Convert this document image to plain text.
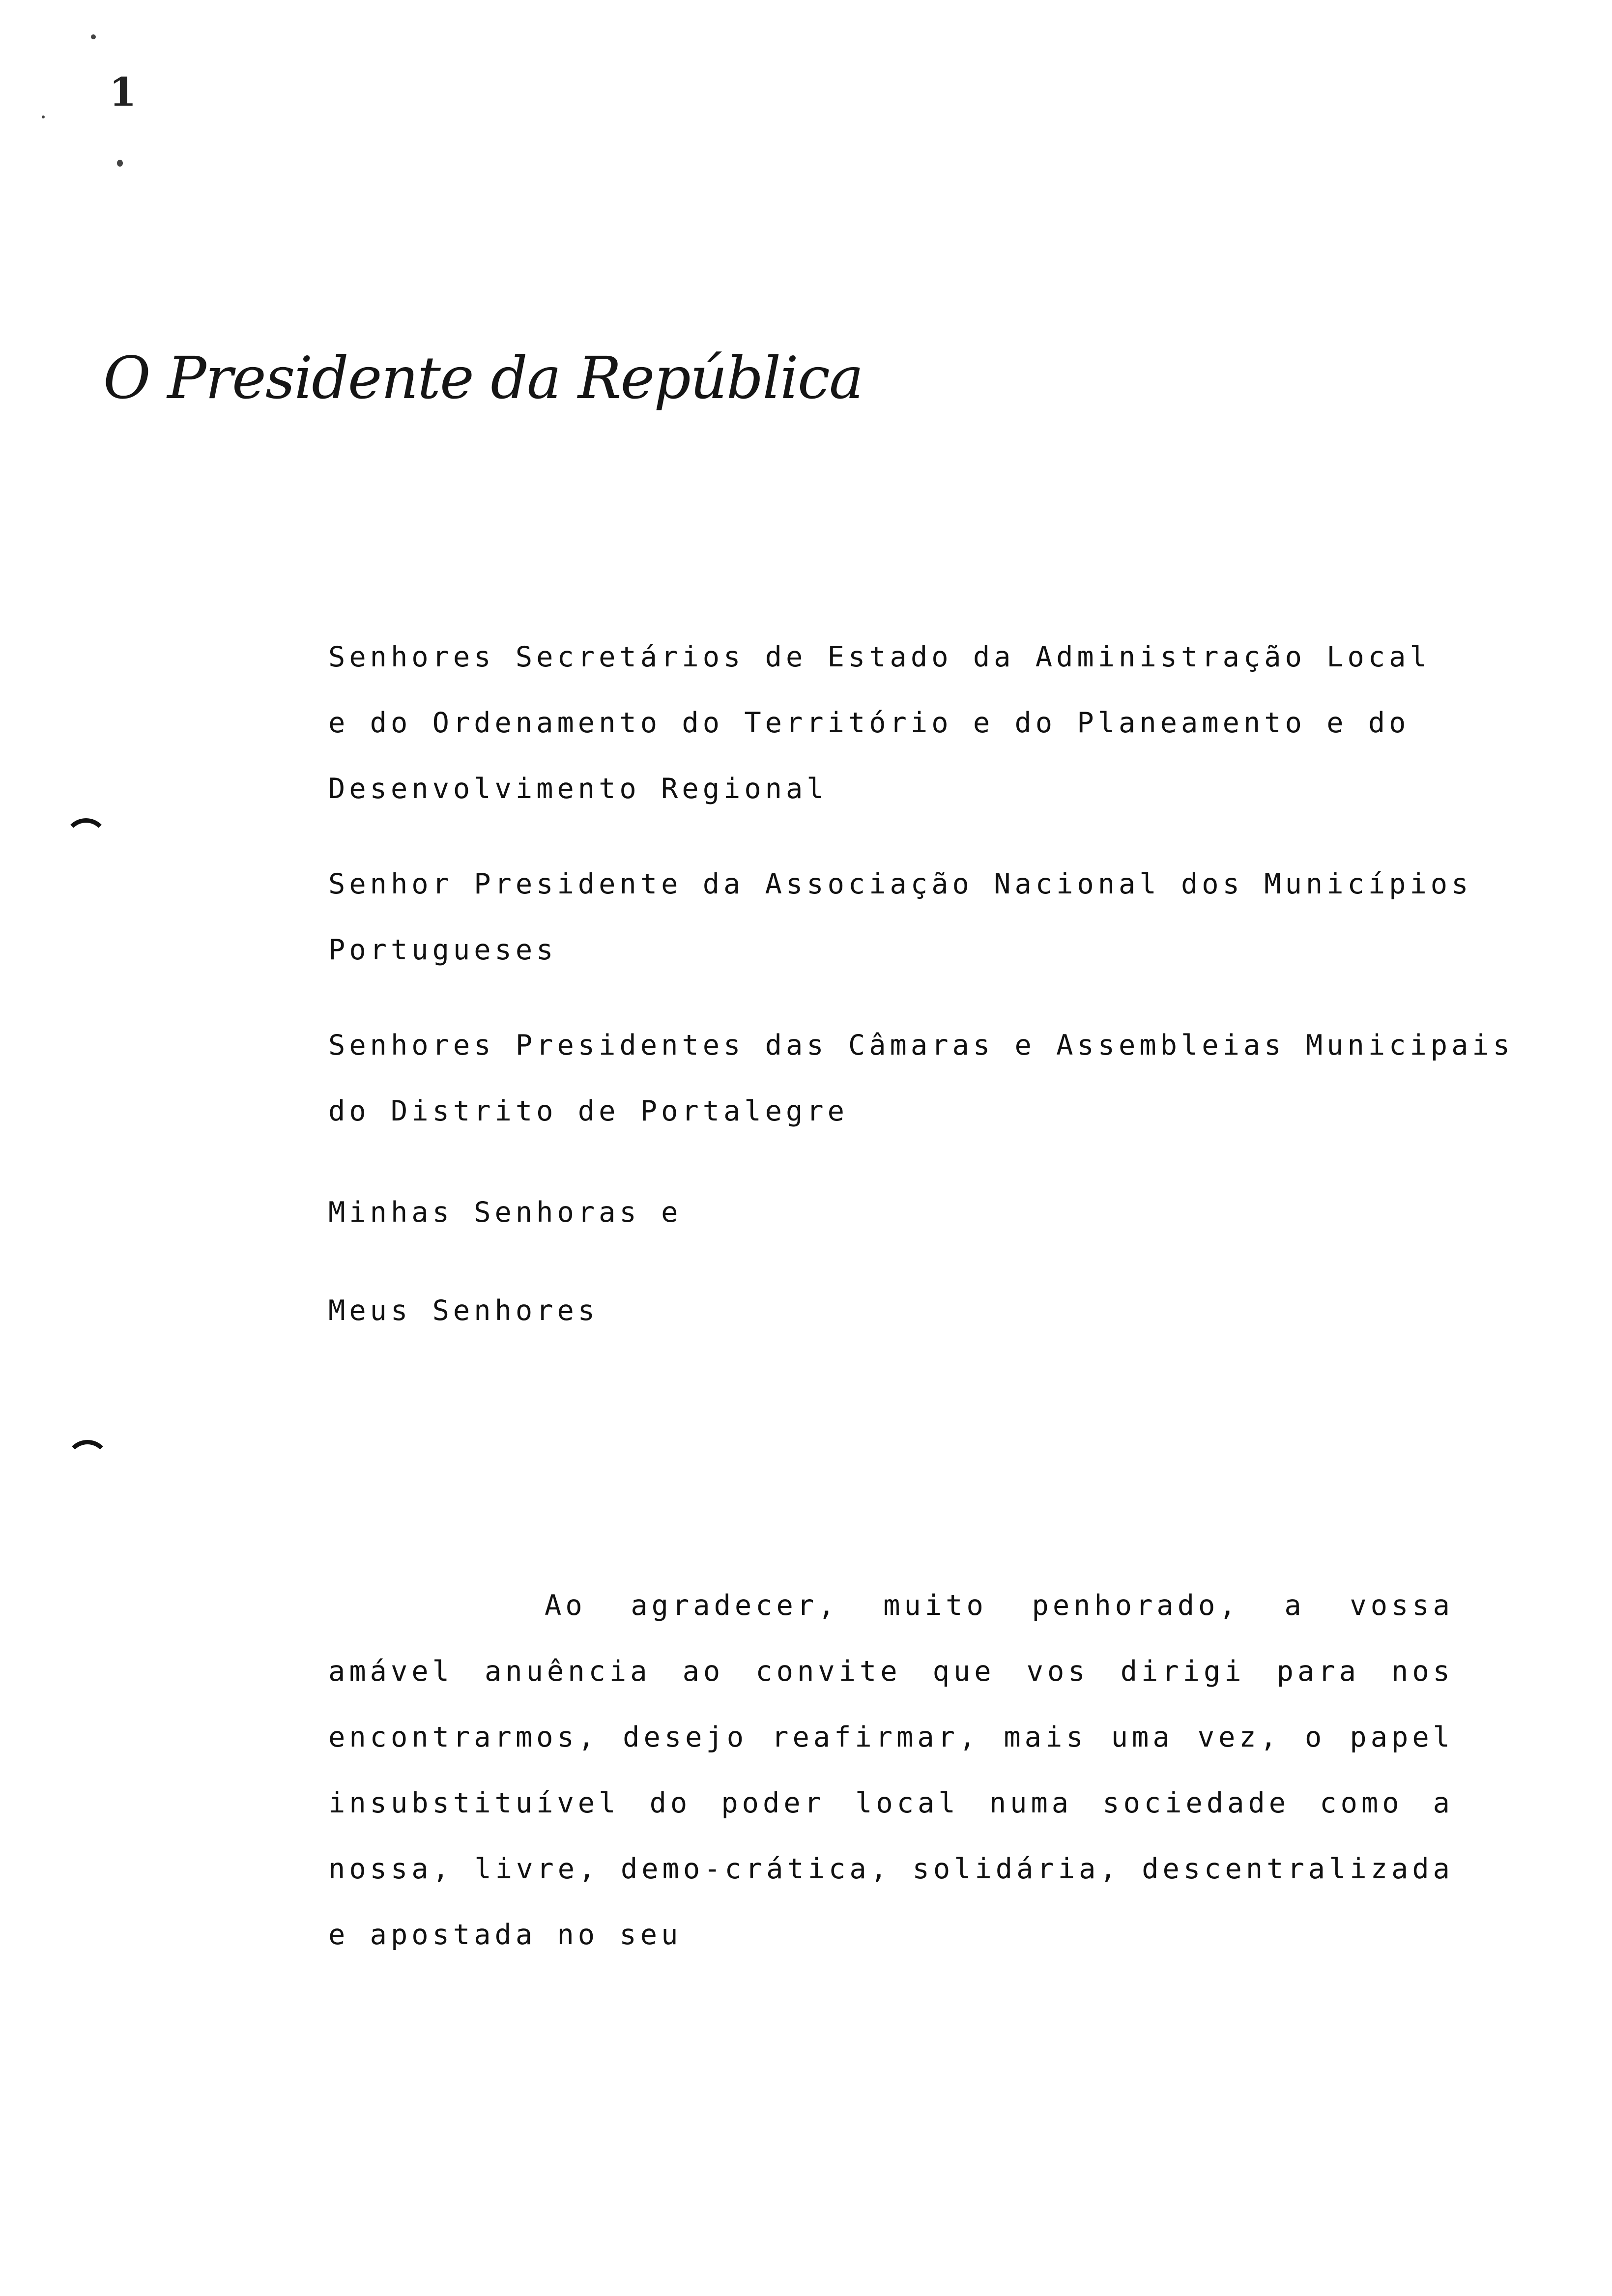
1
O Presidente da República
Senhores Secretários de Estado da Administração Local
e do Ordenamento do Território e do Planeamento e do
Desenvolvimento Regional
Senhor Presidente da Associação Nacional dos Municípios
Portugueses
Senhores Presidentes das Câmaras e Assembleias Municipais
do Distrito de Portalegre
Minhas Senhoras e
Meus Senhores

Ao agradecer, muito penhorado, a vossa amável anuência ao convite que vos dirigi para nos encontrarmos, desejo reafirmar, mais uma vez, o papel insubstituível do poder local numa sociedade como a nossa, livre, demo-crática, solidária, descentralizada e apostada no seu
